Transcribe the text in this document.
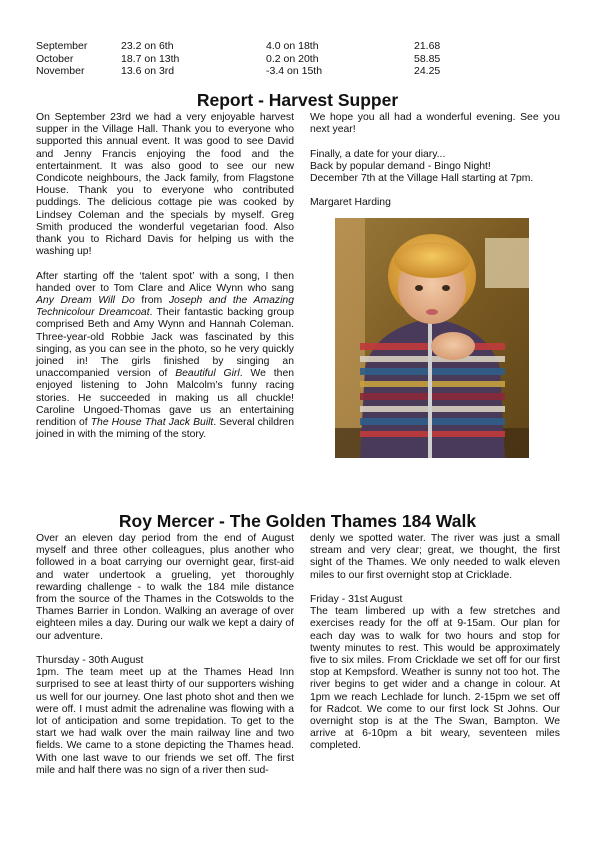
September	23.2 on 6th	4.0 on 18th	21.68
October	18.7 on 13th	0.2 on 20th	58.85
November	13.6 on 3rd	-3.4 on 15th	24.25
Report - Harvest Supper

On September 23rd we had a very enjoyable harvest supper in the Village Hall. Thank you to everyone who supported this annual event. It was good to see David and Jenny Francis enjoying the food and the entertainment. It was also good to see our new Condicote neighbours, the Jack family, from Flagstone House. Thank you to everyone who contributed puddings. The delicious cottage pie was cooked by Lindsey Coleman and the specials by myself. Greg Smith produced the wonderful vegetarian food. Also thank you to Richard Davis for helping us with the washing up!

After starting off the ‘talent spot’ with a song, I then handed over to Tom Clare and Alice Wynn who sang Any Dream Will Do from Joseph and the Amazing Technicolour Dreamcoat. Their fantastic backing group comprised Beth and Amy Wynn and Hannah Coleman. Three-year-old Robbie Jack was fascinated by this singing, as you can see in the photo, so he very quickly joined in! The girls finished by singing an unaccompanied version of Beautiful Girl. We then enjoyed listening to John Malcolm’s funny racing stories. He succeeded in making us all chuckle! Caroline Ungoed-Thomas gave us an entertaining rendition of The House That Jack Built. Several children joined in with the miming of the story.

We hope you all had a wonderful evening. See you next year!

Finally, a date for your diary...
Back by popular demand - Bingo Night!
December 7th at the Village Hall starting at 7pm.

Margaret Harding

Roy Mercer - The Golden Thames 184 Walk

Over an eleven day period from the end of August myself and three other colleagues, plus another who followed in a boat carrying our overnight gear, first-aid and water undertook a grueling, yet thoroughly rewarding challenge - to walk the 184 mile distance from the source of the Thames in the Cotswolds to the Thames Barrier in London. Walking an average of over eighteen miles a day. During our walk we kept a dairy of our adventure.

Thursday - 30th August
1pm. The team meet up at the Thames Head Inn surprised to see at least thirty of our supporters wishing us well for our journey. One last photo shot and then we were off. I must admit the adrenaline was flowing with a lot of anticipation and some trepidation. To get to the start we had walk over the main railway line and two fields. We came to a stone depicting the Thames head. With one last wave to our friends we set off. The first mile and half there was no sign of a river then sud-

denly we spotted water. The river was just a small stream and very clear; great, we thought, the first sight of the Thames. We only needed to walk eleven miles to our first overnight stop at Cricklade.

Friday - 31st August
The team limbered up with a few stretches and exercises ready for the off at 9-15am. Our plan for each day was to walk for two hours and stop for twenty minutes to rest. This would be approximately five to six miles. From Cricklade we set off for our first stop at Kempsford. Weather is sunny not too hot. The river begins to get wider and a change in colour. At 1pm we reach Lechlade for lunch. 2-15pm we set off for Radcot. We come to our first lock St Johns. Our overnight stop is at the The Swan, Bampton. We arrive at 6-10pm a bit weary, seventeen miles completed.
